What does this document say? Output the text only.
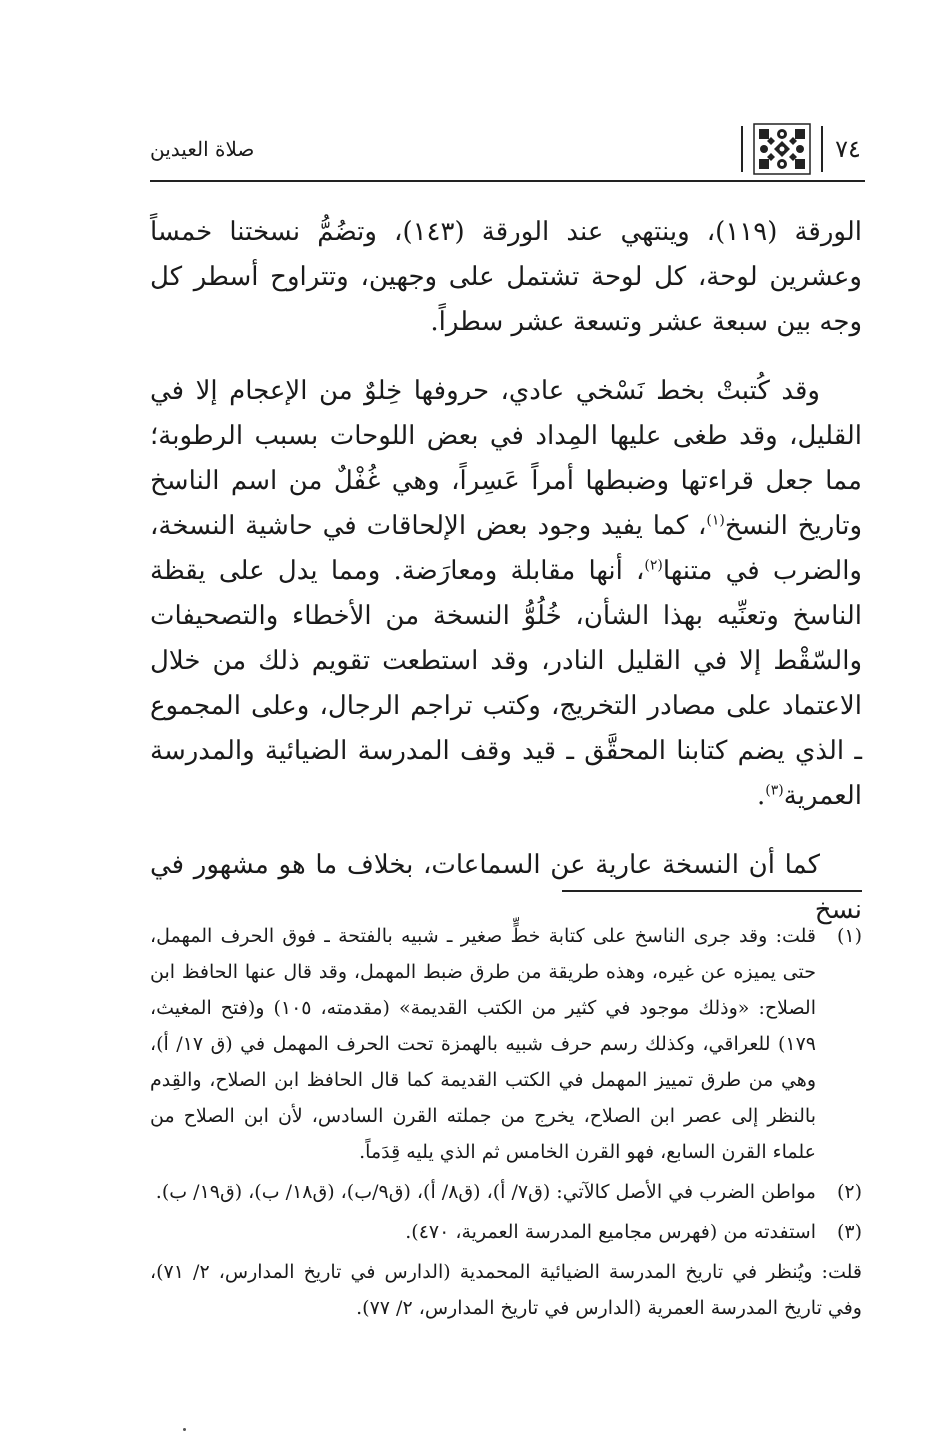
٧٤
صلاة العيدين

الورقة (١١٩)، وينتهي عند الورقة (١٤٣)، وتضُمُّ نسختنا خمساً وعشرين لوحة، كل لوحة تشتمل على وجهين، وتتراوح أسطر كل وجه بين سبعة عشر وتسعة عشر سطراً.

وقد كُتبتْ بخط نَسْخي عادي، حروفها خِلوٌ من الإعجام إلا في القليل، وقد طغى عليها المِداد في بعض اللوحات بسبب الرطوبة؛ مما جعل قراءتها وضبطها أمراً عَسِراً، وهي غُفْلٌ من اسم الناسخ وتاريخ النسخ$^{(١)}$، كما يفيد وجود بعض الإلحاقات في حاشية النسخة، والضرب في متنها$^{(٢)}$، أنها مقابلة ومعارَضة. ومما يدل على يقظة الناسخ وتعنِّيه بهذا الشأن، خُلُوُّ النسخة من الأخطاء والتصحيفات والسّقْط إلا في القليل النادر، وقد استطعت تقويم ذلك من خلال الاعتماد على مصادر التخريج، وكتب تراجم الرجال، وعلى المجموع ـ الذي يضم كتابنا المحقَّق ـ قيد وقف المدرسة الضيائية والمدرسة العمرية$^{(٣)}$.

كما أن النسخة عارية عن السماعات، بخلاف ما هو مشهور في نسخ

(١)
قلت: وقد جرى الناسخ على كتابة خطٍّ صغير ـ شبيه بالفتحة ـ فوق الحرف المهمل، حتى يميزه عن غيره، وهذه طريقة من طرق ضبط المهمل، وقد قال عنها الحافظ ابن الصلاح: «وذلك موجود في كثير من الكتب القديمة» (مقدمته، ١٠٥) و(فتح المغيث، ١٧٩) للعراقي، وكذلك رسم حرف شبيه بالهمزة تحت الحرف المهمل في (ق ١٧/ أ)، وهي من طرق تمييز المهمل في الكتب القديمة كما قال الحافظ ابن الصلاح، والقِدم بالنظر إلى عصر ابن الصلاح، يخرج من جملته القرن السادس، لأن ابن الصلاح من علماء القرن السابع، فهو القرن الخامس ثم الذي يليه قِدَماً.
(٢)
مواطن الضرب في الأصل كالآتي: (ق٧/ أ)، (ق٨/ أ)، (ق٩/ب)، (ق١٨/ ب)، (ق١٩/ ب).
(٣)
استفدته من (فهرس مجاميع المدرسة العمرية، ٤٧٠).
قلت: ويُنظر في تاريخ المدرسة الضيائية المحمدية (الدارس في تاريخ المدارس، ٢/ ٧١)، وفي تاريخ المدرسة العمرية (الدارس في تاريخ المدارس، ٢/ ٧٧).
